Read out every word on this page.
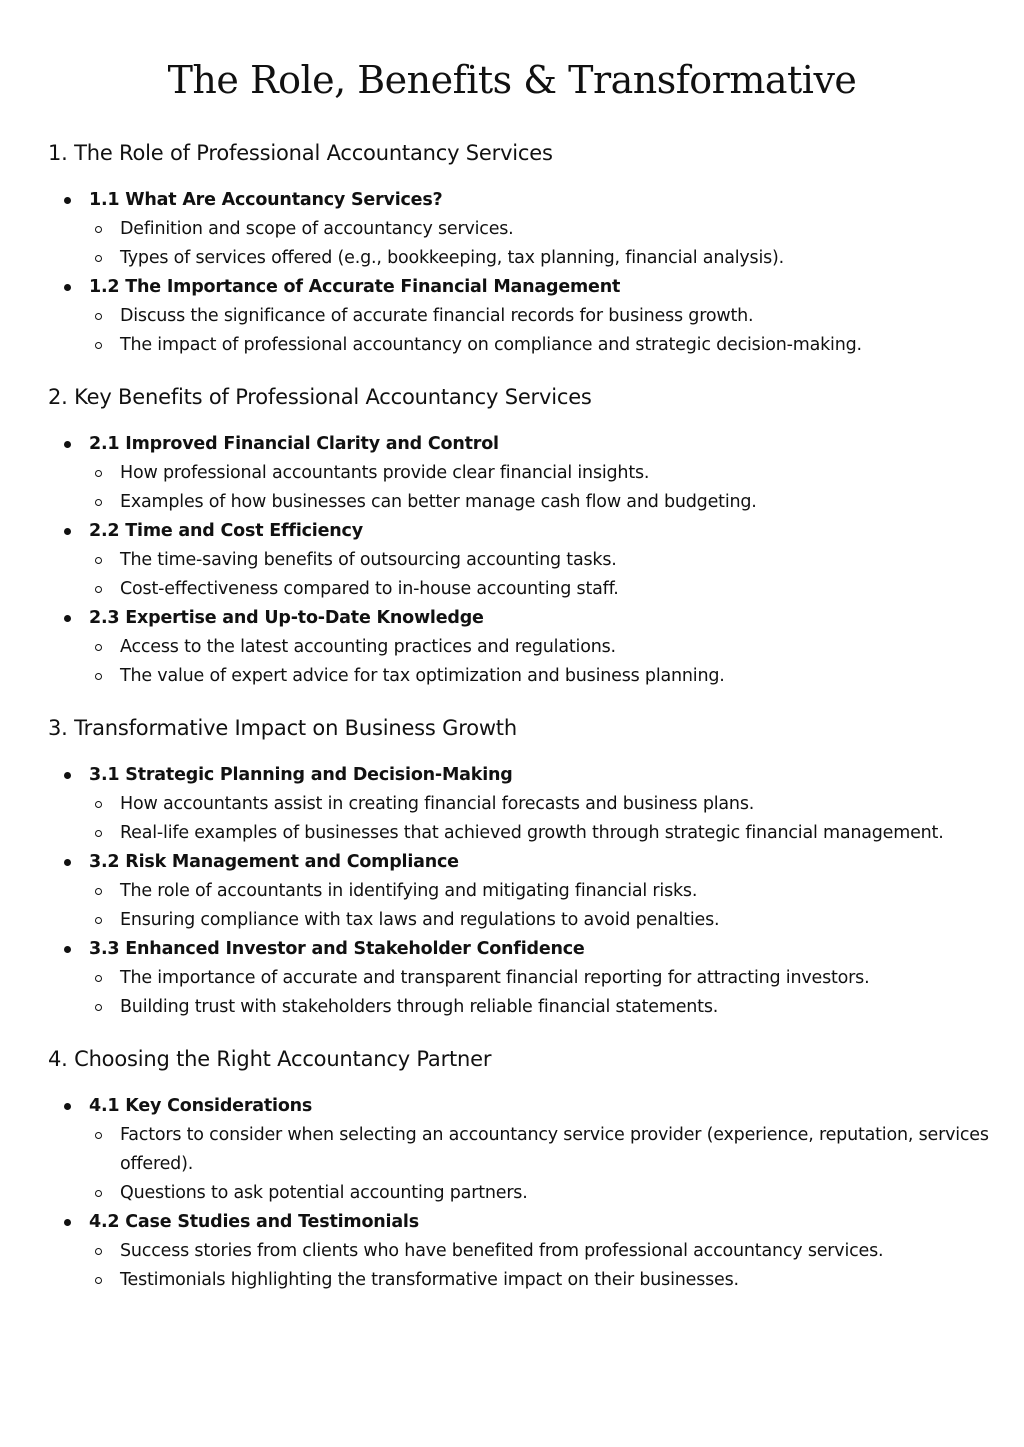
The Role, Benefits & Transformative
1. The Role of Professional Accountancy Services
1.1 What Are Accountancy Services?
Definition and scope of accountancy services.
Types of services offered (e.g., bookkeeping, tax planning, financial analysis).
1.2 The Importance of Accurate Financial Management
Discuss the significance of accurate financial records for business growth.
The impact of professional accountancy on compliance and strategic decision-making.
2. Key Benefits of Professional Accountancy Services
2.1 Improved Financial Clarity and Control
How professional accountants provide clear financial insights.
Examples of how businesses can better manage cash flow and budgeting.
2.2 Time and Cost Efficiency
The time-saving benefits of outsourcing accounting tasks.
Cost-effectiveness compared to in-house accounting staff.
2.3 Expertise and Up-to-Date Knowledge
Access to the latest accounting practices and regulations.
The value of expert advice for tax optimization and business planning.
3. Transformative Impact on Business Growth
3.1 Strategic Planning and Decision-Making
How accountants assist in creating financial forecasts and business plans.
Real-life examples of businesses that achieved growth through strategic financial management.
3.2 Risk Management and Compliance
The role of accountants in identifying and mitigating financial risks.
Ensuring compliance with tax laws and regulations to avoid penalties.
3.3 Enhanced Investor and Stakeholder Confidence
The importance of accurate and transparent financial reporting for attracting investors.
Building trust with stakeholders through reliable financial statements.
4. Choosing the Right Accountancy Partner
4.1 Key Considerations
Factors to consider when selecting an accountancy service provider (experience, reputation, services offered).
Questions to ask potential accounting partners.
4.2 Case Studies and Testimonials
Success stories from clients who have benefited from professional accountancy services.
Testimonials highlighting the transformative impact on their businesses.
